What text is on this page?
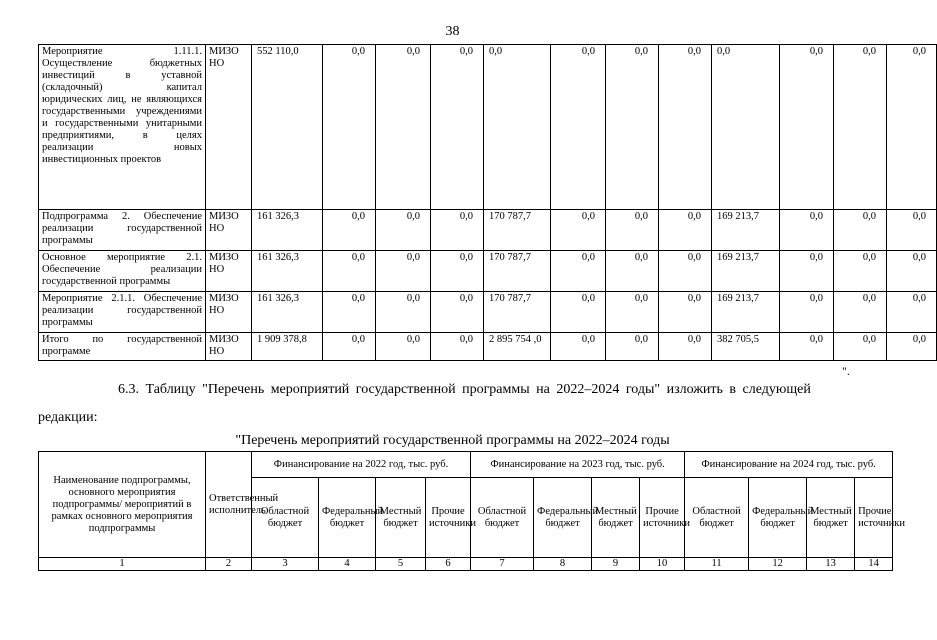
38
Мероприятие 1.11.1. Осуществление бюджетных инвестиций в уставной (складочный) капитал юридических лиц, не являющихся государственными учреждениями и государственными унитарными предприятиями, в целях реализации новых инвестиционных проектов	МИЗО НО	552 110,0	0,0	0,0	0,0	0,0	0,0	0,0	0,0	0,0	0,0	0,0	0,0
Подпрограмма 2. Обеспечение реализации государственной программы	МИЗО НО	161 326,3	0,0	0,0	0,0	170 787,7	0,0	0,0	0,0	169 213,7	0,0	0,0	0,0
Основное мероприятие 2.1. Обеспечение реализации государственной программы	МИЗО НО	161 326,3	0,0	0,0	0,0	170 787,7	0,0	0,0	0,0	169 213,7	0,0	0,0	0,0
Мероприятие 2.1.1. Обеспечение реализации государственной программы	МИЗО НО	161 326,3	0,0	0,0	0,0	170 787,7	0,0	0,0	0,0	169 213,7	0,0	0,0	0,0
Итого по государственной программе	МИЗО НО	1 909 378,8	0,0	0,0	0,0	2 895 754 ,0	0,0	0,0	0,0	382 705,5	0,0	0,0	0,0
".
6.3. Таблицу "Перечень мероприятий государственной программы на 2022–2024 годы" изложить в следующей
редакции:
"Перечень мероприятий государственной программы на 2022–2024 годы
Наименование подпрограммы, основного мероприятия подпрограммы/ мероприятий в рамках основного мероприятия подпрограммы	Ответственный исполнитель	Финансирование на 2022 год, тыс. руб.				Финансирование на 2023 год, тыс. руб.				Финансирование на 2024 год, тыс. руб.			
		Областной бюджет	Федеральный бюджет	Местный бюджет	Прочие источники	Областной бюджет	Федеральный бюджет	Местный бюджет	Прочие источники	Областной бюджет	Федеральный бюджет	Местный бюджет	Прочие источники
1	2	3	4	5	6	7	8	9	10	11	12	13	14
